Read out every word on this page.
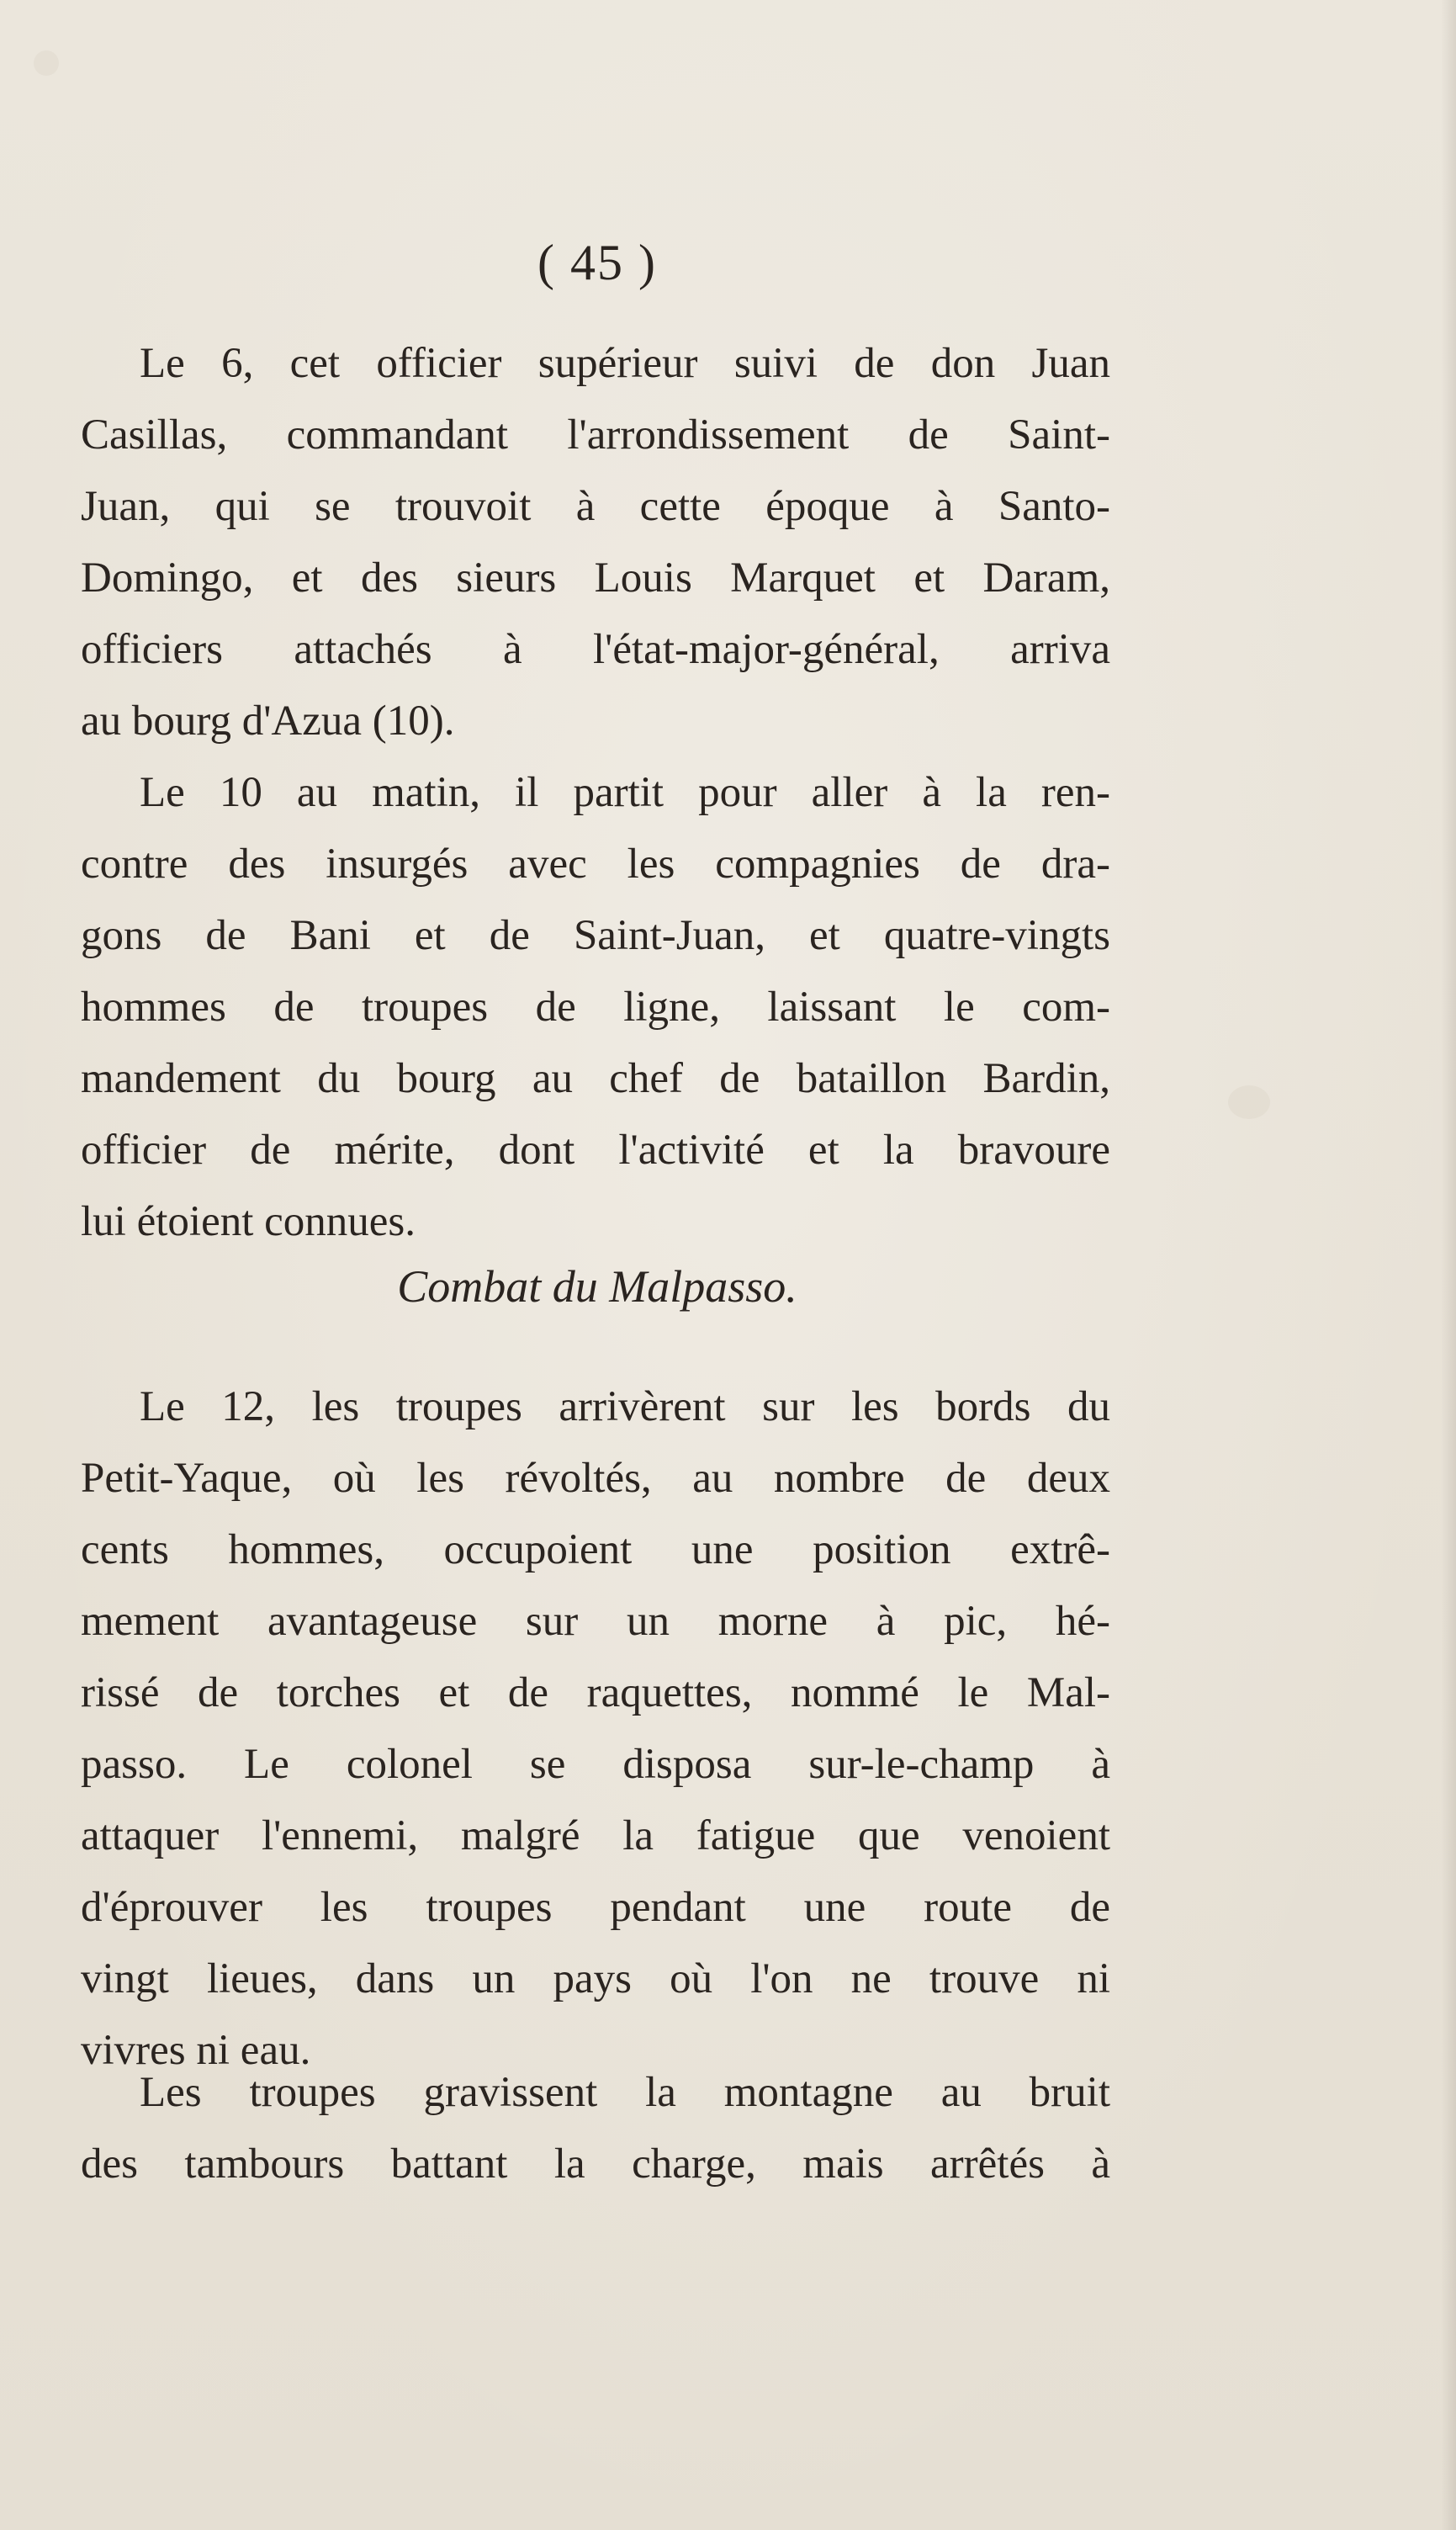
( 45 )
Le 6, cet officier supérieur suivi de don Juan
Casillas, commandant l'arrondissement de Saint-
Juan, qui se trouvoit à cette époque à Santo-
Domingo, et des sieurs Louis Marquet et Daram,
officiers attachés à l'état-major-général, arriva
au bourg d'Azua (10).
Le 10 au matin, il partit pour aller à la ren-
contre des insurgés avec les compagnies de dra-
gons de Bani et de Saint-Juan, et quatre-vingts
hommes de troupes de ligne, laissant le com-
mandement du bourg au chef de bataillon Bardin,
officier de mérite, dont l'activité et la bravoure
lui étoient connues.
Combat du Malpasso.
Le 12, les troupes arrivèrent sur les bords du
Petit-Yaque, où les révoltés, au nombre de deux
cents hommes, occupoient une position extrê-
mement avantageuse sur un morne à pic, hé-
rissé de torches et de raquettes, nommé le Mal-
passo. Le colonel se disposa sur-le-champ à
attaquer l'ennemi, malgré la fatigue que venoient
d'éprouver les troupes pendant une route de
vingt lieues, dans un pays où l'on ne trouve ni
vivres ni eau.
Les troupes gravissent la montagne au bruit
des tambours battant la charge, mais arrêtés à
